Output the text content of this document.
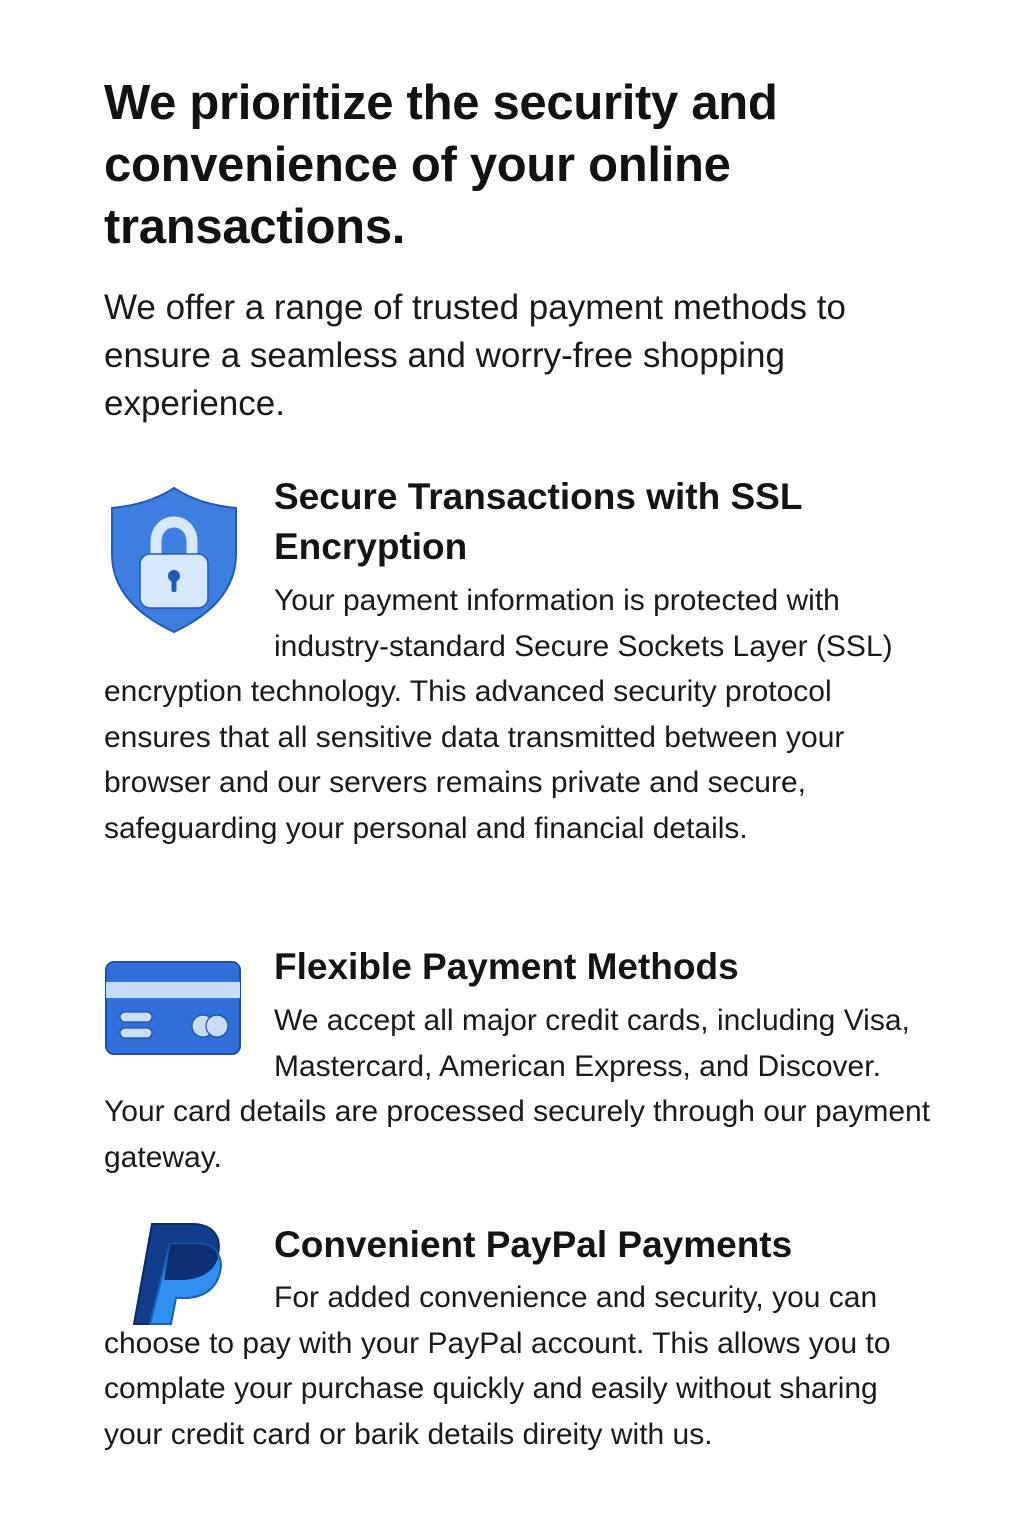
We prioritize the security and convenience of your online transactions.

We offer a range of trusted payment methods to ensure a seamless and worry-free shopping experience.

Secure Transactions with SSL Encryption

Your payment information is protected with industry-standard Secure Sockets Layer (SSL) encryption technology. This advanced security protocol ensures that all sensitive data transmitted between your browser and our servers remains private and secure, safeguarding your personal and financial details.

Flexible Payment Methods

We accept all major credit cards, including Visa, Mastercard, American Express, and Discover. Your card details are processed securely through our payment gateway.

Convenient PayPal Payments

For added convenience and security, you can choose to pay with your PayPal account. This allows you to complate your purchase quickly and easily without sharing your credit card or barik details direity with us.
